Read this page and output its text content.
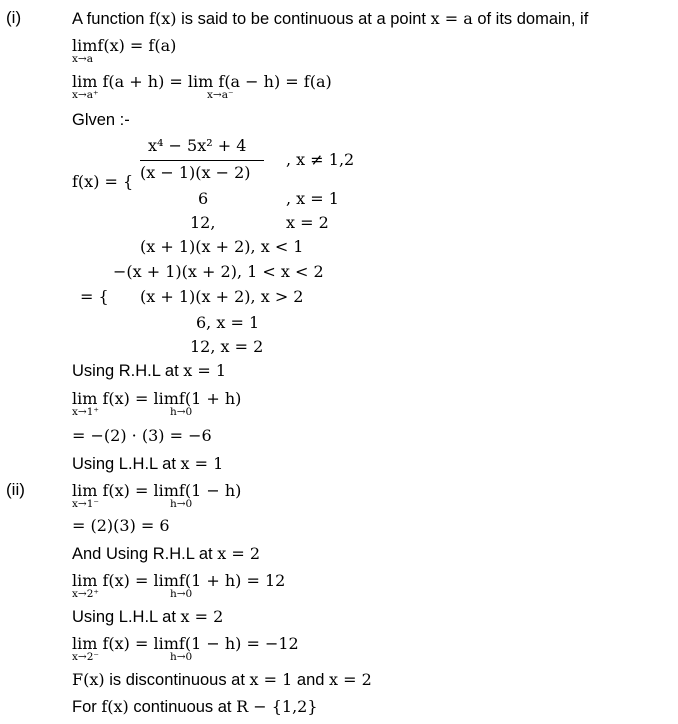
(i)	A function f(x) is said to be continuous at a point x = a of its domain, if
limf(x) = f(a)
x→a
lim f(a + h) = lim f(a − h) = f(a)
x→a⁺	x→a⁻
Glven :-
x⁴ − 5x² + 4
(x − 1)(x − 2)
f(x) = {
, x ≠ 1,2
6	, x = 1
12,	x = 2
(x + 1)(x + 2), x < 1
−(x + 1)(x + 2), 1 < x < 2
= { (x + 1)(x + 2), x > 2
6, x = 1
12, x = 2
Using R.H.L at x = 1
lim f(x) = limf(1 + h)
x→1⁺	h→0
= −(2) · (3) = −6
Using L.H.L at x = 1
(ii)	lim f(x) = limf(1 − h)
x→1⁻	h→0
= (2)(3) = 6
And Using R.H.L at x = 2
lim f(x) = limf(1 + h) = 12
x→2⁺	h→0
Using L.H.L at x = 2
lim f(x) = limf(1 − h) = −12
x→2⁻	h→0
F(x) is discontinuous at x = 1 and x = 2
For f(x) continuous at R − {1,2}
